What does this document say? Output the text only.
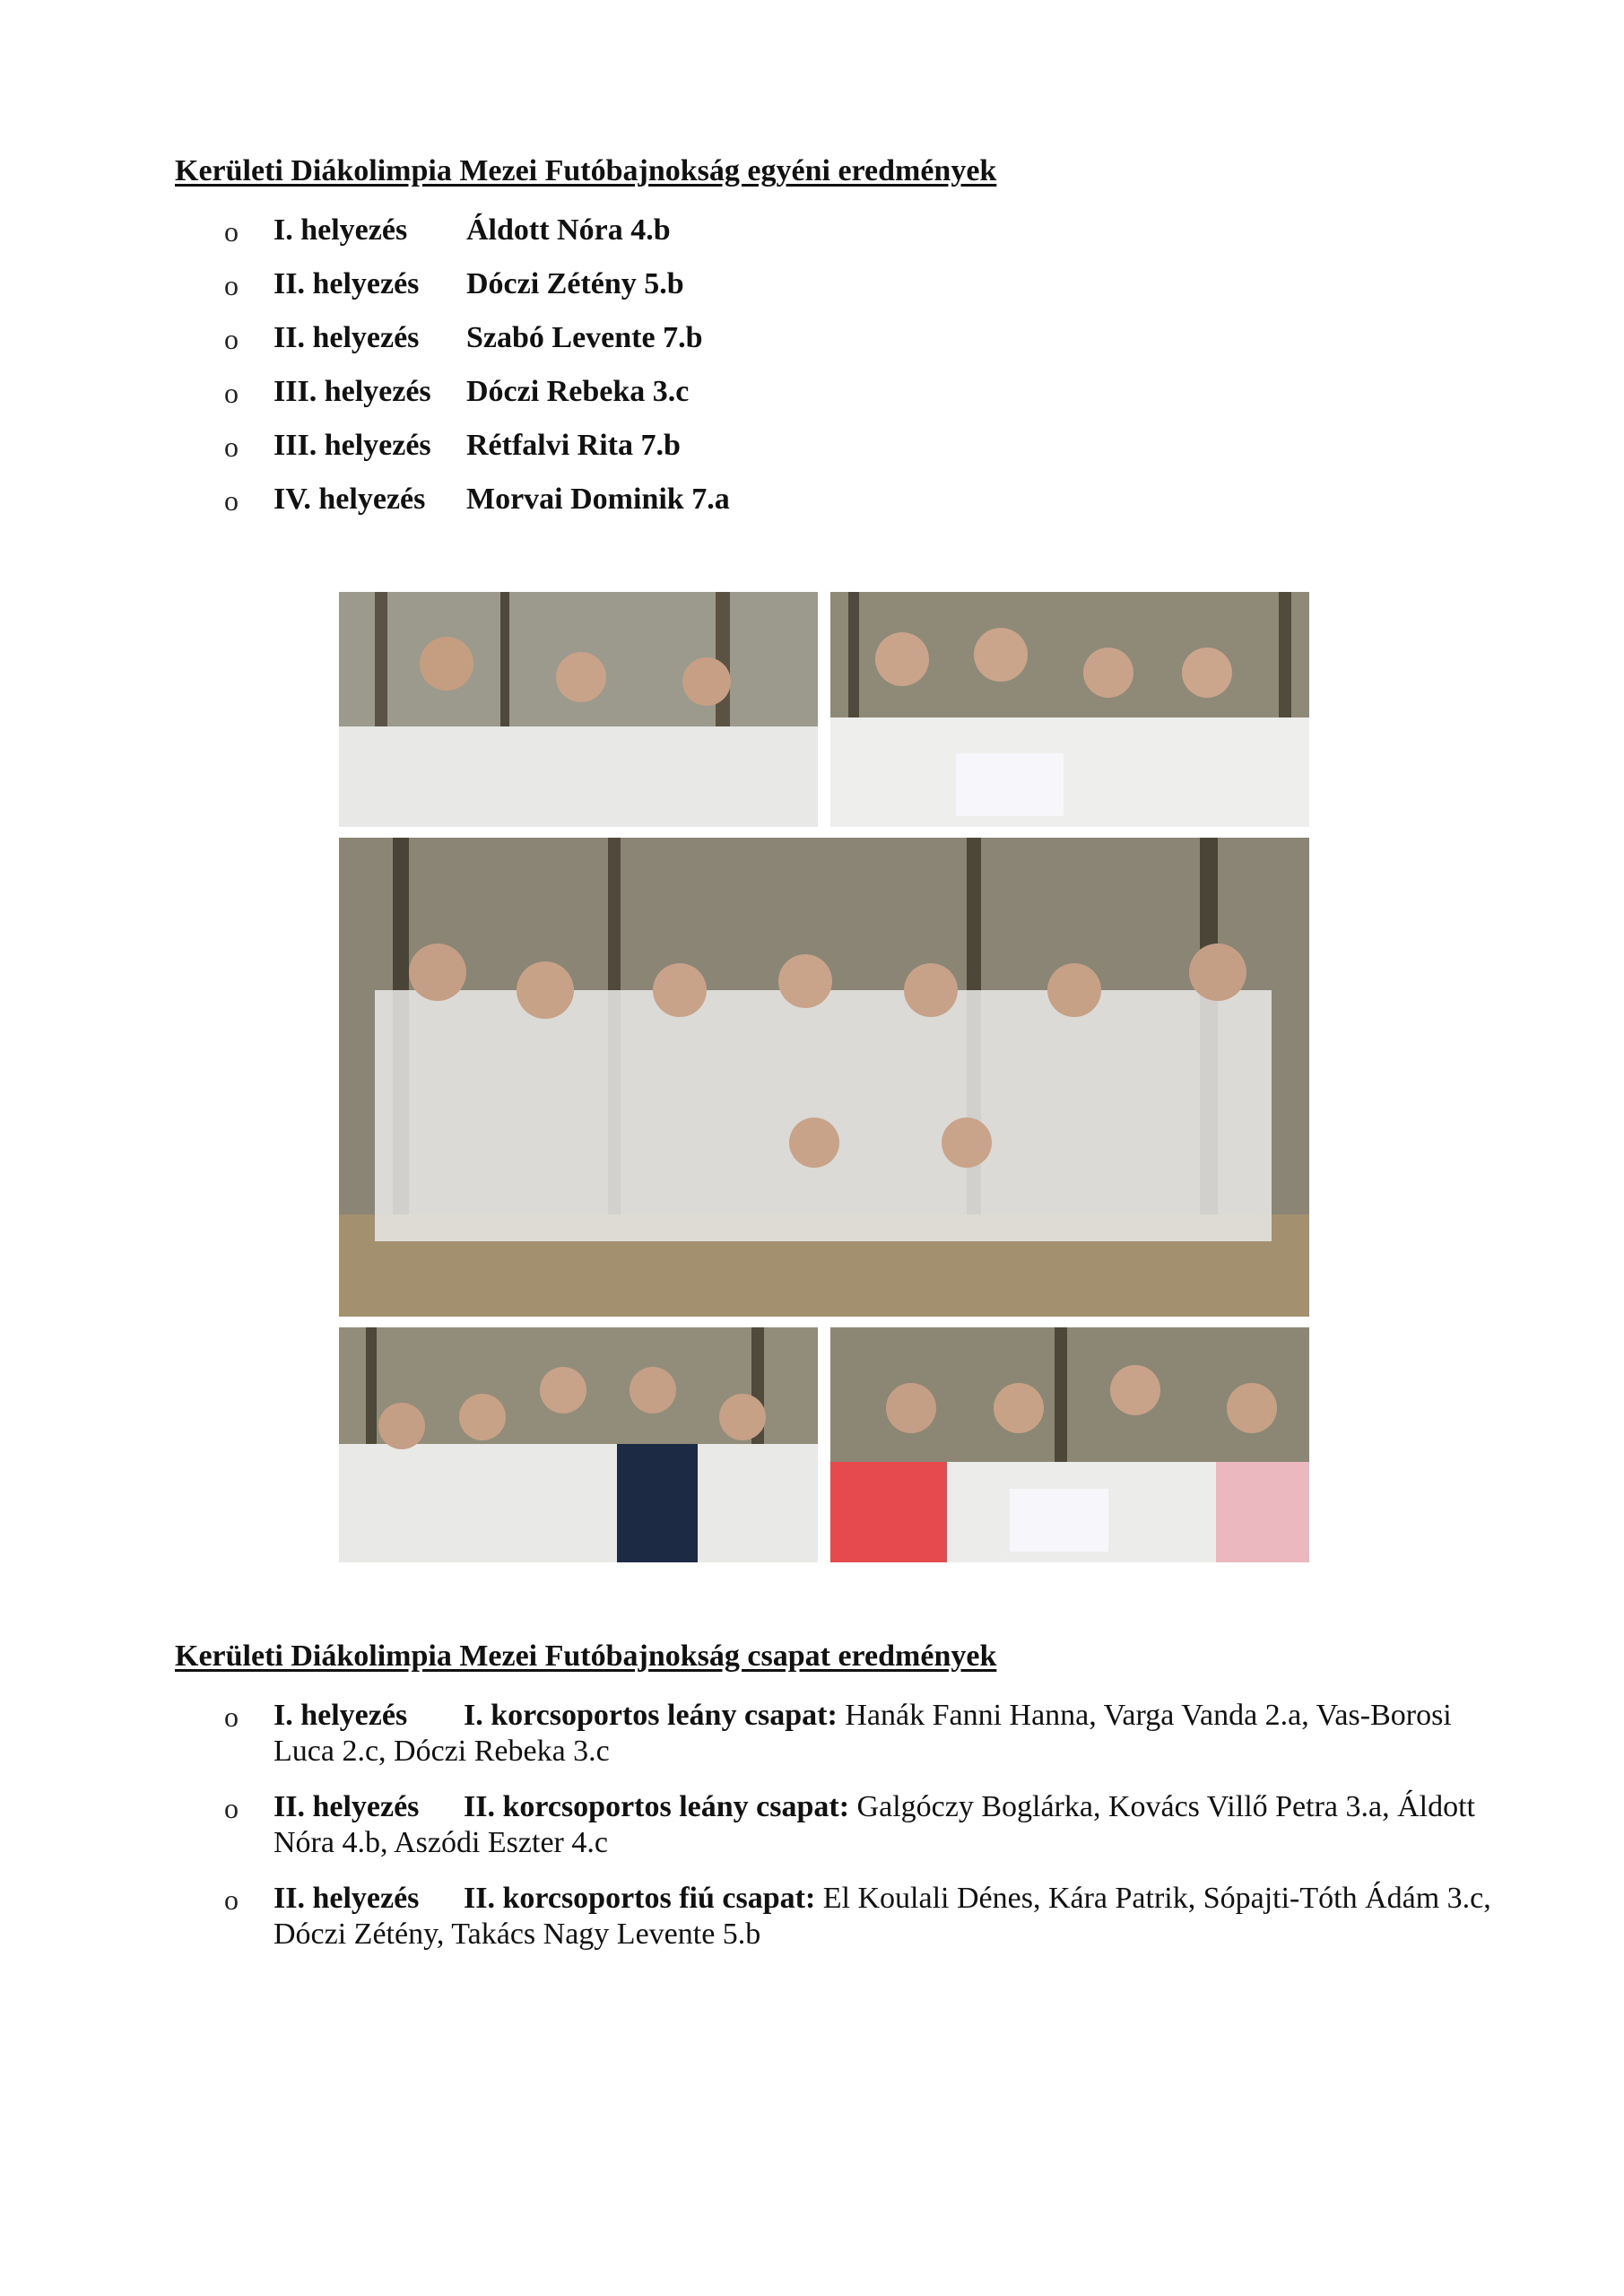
Kerületi Diákolimpia Mezei Futóbajnokság egyéni eredmények
o I. helyezés Áldott Nóra 4.b
o II. helyezés Dóczi Zétény 5.b
o II. helyezés Szabó Levente 7.b
o III. helyezés Dóczi Rebeka 3.c
o III. helyezés Rétfalvi Rita 7.b
o IV. helyezés Morvai Dominik 7.a
Kerületi Diákolimpia Mezei Futóbajnokság csapat eredmények
o I. helyezés I. korcsoportos leány csapat: Hanák Fanni Hanna, Varga Vanda 2.a, Vas-Borosi Luca 2.c, Dóczi Rebeka 3.c
o II. helyezés II. korcsoportos leány csapat: Galgóczy Boglárka, Kovács Villő Petra 3.a, Áldott Nóra 4.b, Aszódi Eszter 4.c
o II. helyezés II. korcsoportos fiú csapat: El Koulali Dénes, Kára Patrik, Sópajti-Tóth Ádám 3.c, Dóczi Zétény, Takács Nagy Levente 5.b
